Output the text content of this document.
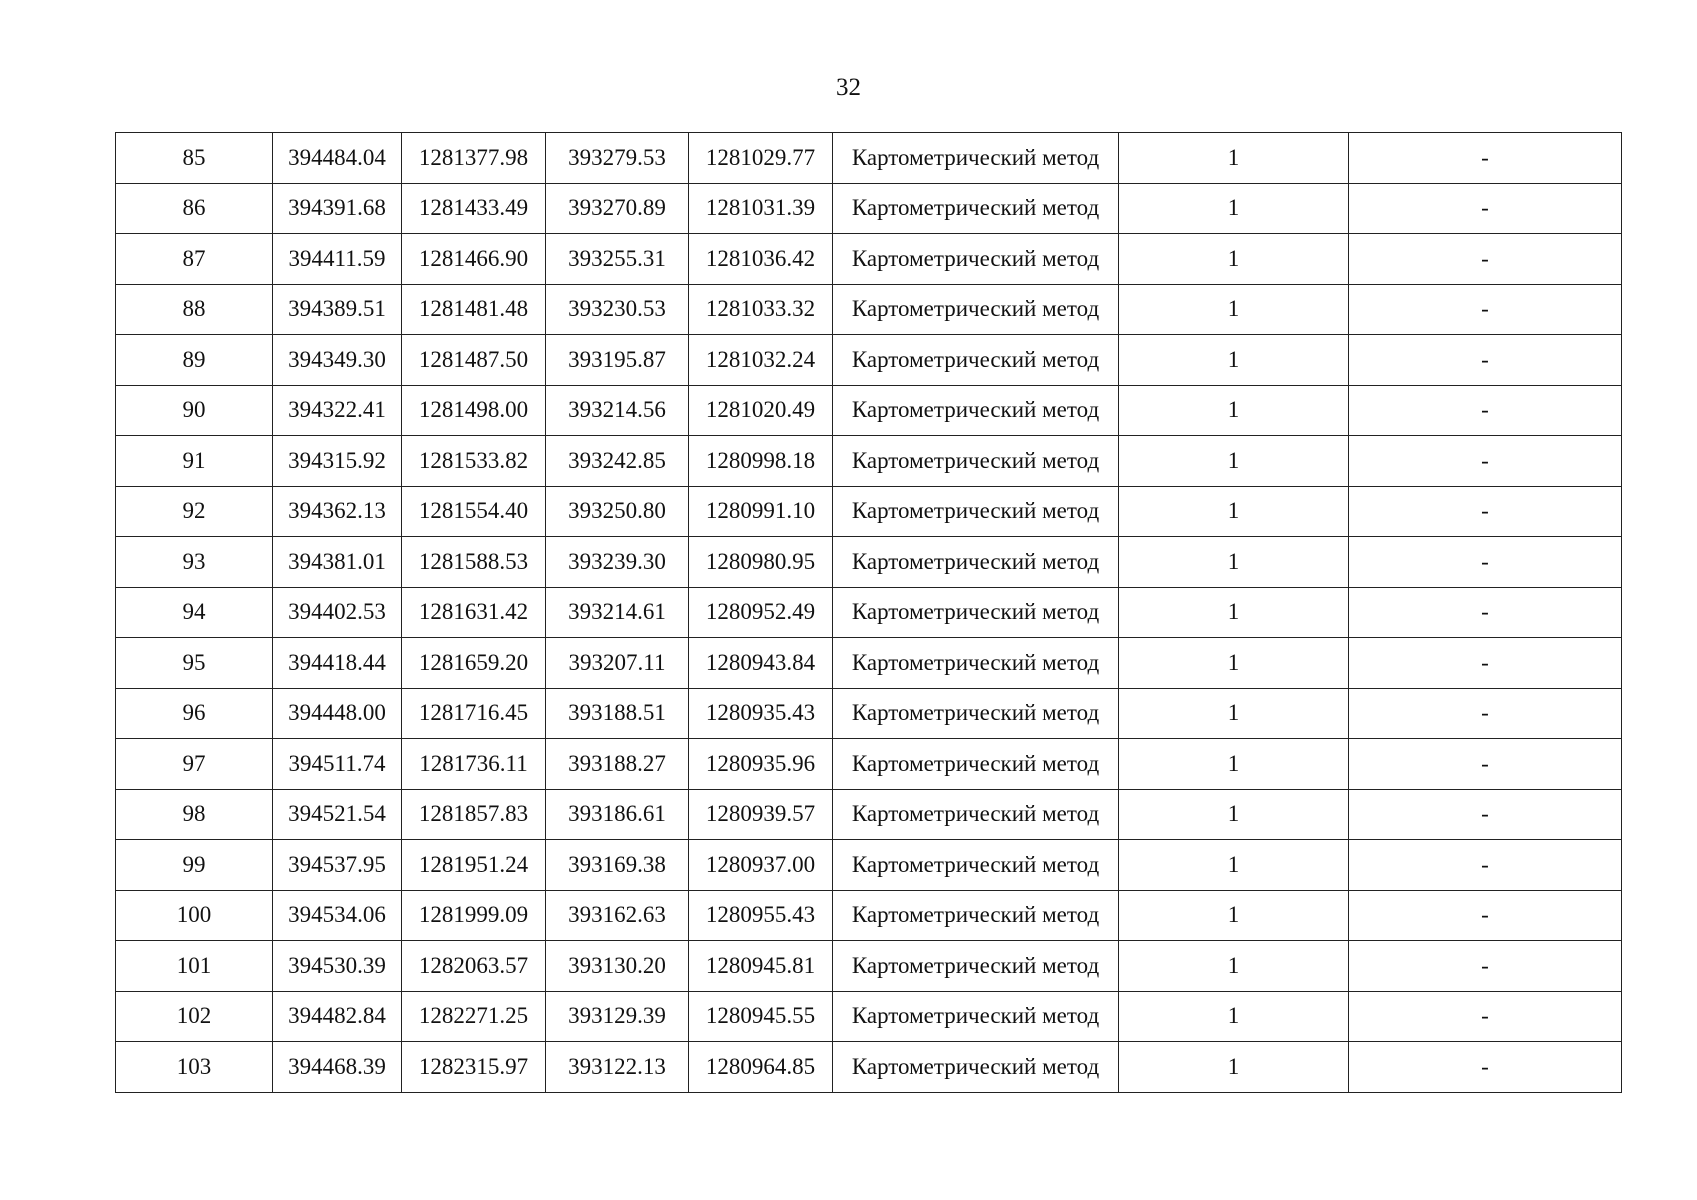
32
85	394484.04	1281377.98	393279.53	1281029.77	Картометрический метод	1	-
86	394391.68	1281433.49	393270.89	1281031.39	Картометрический метод	1	-
87	394411.59	1281466.90	393255.31	1281036.42	Картометрический метод	1	-
88	394389.51	1281481.48	393230.53	1281033.32	Картометрический метод	1	-
89	394349.30	1281487.50	393195.87	1281032.24	Картометрический метод	1	-
90	394322.41	1281498.00	393214.56	1281020.49	Картометрический метод	1	-
91	394315.92	1281533.82	393242.85	1280998.18	Картометрический метод	1	-
92	394362.13	1281554.40	393250.80	1280991.10	Картометрический метод	1	-
93	394381.01	1281588.53	393239.30	1280980.95	Картометрический метод	1	-
94	394402.53	1281631.42	393214.61	1280952.49	Картометрический метод	1	-
95	394418.44	1281659.20	393207.11	1280943.84	Картометрический метод	1	-
96	394448.00	1281716.45	393188.51	1280935.43	Картометрический метод	1	-
97	394511.74	1281736.11	393188.27	1280935.96	Картометрический метод	1	-
98	394521.54	1281857.83	393186.61	1280939.57	Картометрический метод	1	-
99	394537.95	1281951.24	393169.38	1280937.00	Картометрический метод	1	-
100	394534.06	1281999.09	393162.63	1280955.43	Картометрический метод	1	-
101	394530.39	1282063.57	393130.20	1280945.81	Картометрический метод	1	-
102	394482.84	1282271.25	393129.39	1280945.55	Картометрический метод	1	-
103	394468.39	1282315.97	393122.13	1280964.85	Картометрический метод	1	-
